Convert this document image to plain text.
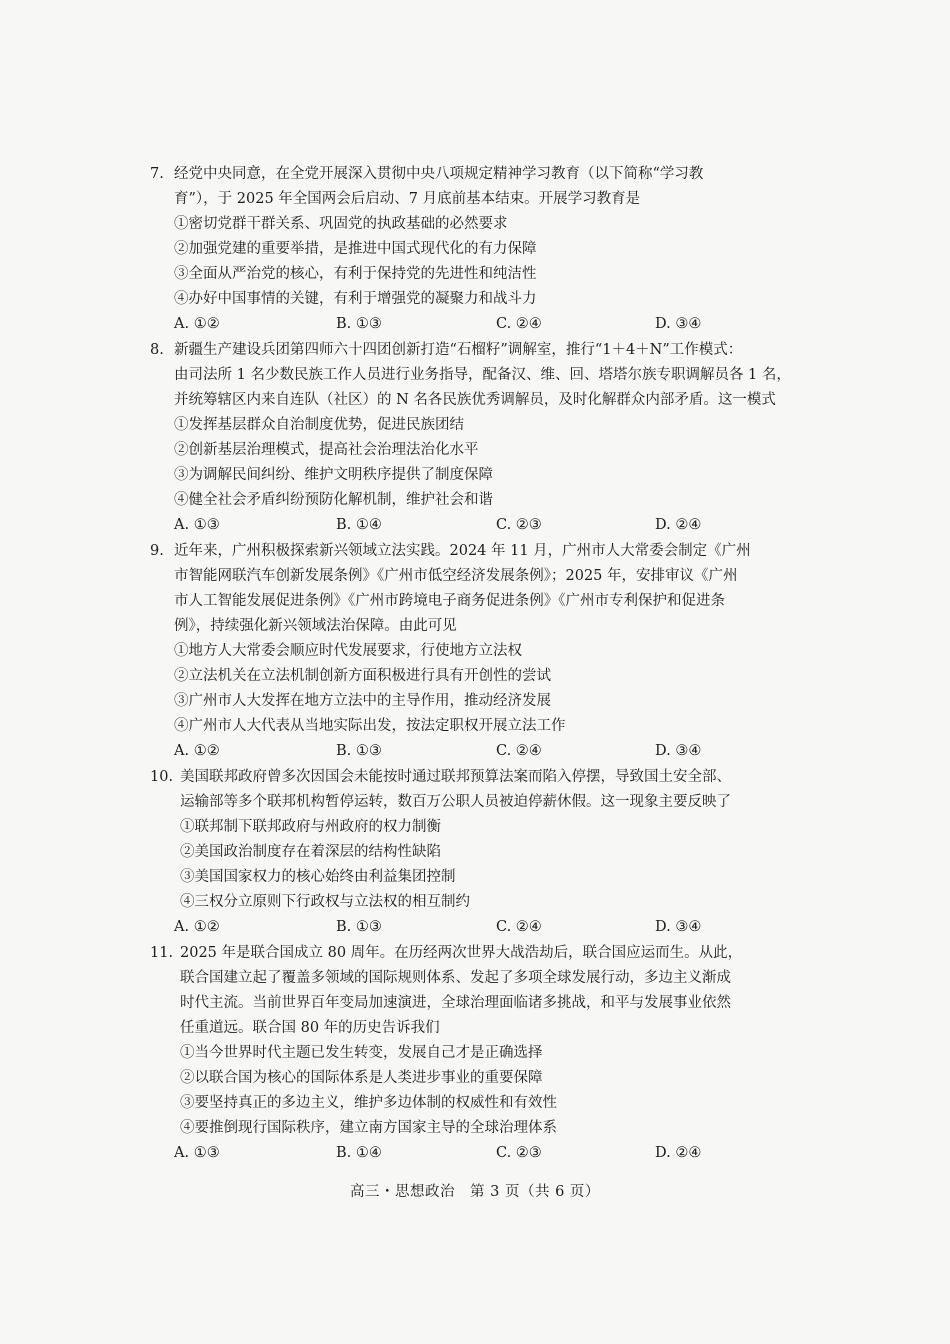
7. 经党中央同意，在全党开展深入贯彻中央八项规定精神学习教育（以下简称“学习教
育”），于 2025 年全国两会后启动、7 月底前基本结束。开展学习教育是
①密切党群干群关系、巩固党的执政基础的必然要求
②加强党建的重要举措，是推进中国式现代化的有力保障
③全面从严治党的核心，有利于保持党的先进性和纯洁性
④办好中国事情的关键，有利于增强党的凝聚力和战斗力
A. ①②	B. ①③	C. ②④	D. ③④
8. 新疆生产建设兵团第四师六十四团创新打造“石榴籽”调解室，推行“1＋4＋N”工作模式：
由司法所 1 名少数民族工作人员进行业务指导，配备汉、维、回、塔塔尔族专职调解员各 1 名，
并统筹辖区内来自连队（社区）的 N 名各民族优秀调解员，及时化解群众内部矛盾。这一模式
①发挥基层群众自治制度优势，促进民族团结
②创新基层治理模式，提高社会治理法治化水平
③为调解民间纠纷、维护文明秩序提供了制度保障
④健全社会矛盾纠纷预防化解机制，维护社会和谐
A. ①③	B. ①④	C. ②③	D. ②④
9. 近年来，广州积极探索新兴领域立法实践。2024 年 11 月，广州市人大常委会制定《广州
市智能网联汽车创新发展条例》《广州市低空经济发展条例》；2025 年，安排审议《广州
市人工智能发展促进条例》《广州市跨境电子商务促进条例》《广州市专利保护和促进条
例》，持续强化新兴领域法治保障。由此可见
①地方人大常委会顺应时代发展要求，行使地方立法权
②立法机关在立法机制创新方面积极进行具有开创性的尝试
③广州市人大发挥在地方立法中的主导作用，推动经济发展
④广州市人大代表从当地实际出发，按法定职权开展立法工作
A. ①②	B. ①③	C. ②④	D. ③④
10. 美国联邦政府曾多次因国会未能按时通过联邦预算法案而陷入停摆，导致国土安全部、
运输部等多个联邦机构暂停运转，数百万公职人员被迫停薪休假。这一现象主要反映了
①联邦制下联邦政府与州政府的权力制衡
②美国政治制度存在着深层的结构性缺陷
③美国国家权力的核心始终由利益集团控制
④三权分立原则下行政权与立法权的相互制约
A. ①②	B. ①③	C. ②④	D. ③④
11. 2025 年是联合国成立 80 周年。在历经两次世界大战浩劫后，联合国应运而生。从此，
联合国建立起了覆盖多领域的国际规则体系、发起了多项全球发展行动，多边主义渐成
时代主流。当前世界百年变局加速演进，全球治理面临诸多挑战，和平与发展事业依然
任重道远。联合国 80 年的历史告诉我们
①当今世界时代主题已发生转变，发展自己才是正确选择
②以联合国为核心的国际体系是人类进步事业的重要保障
③要坚持真正的多边主义，维护多边体制的权威性和有效性
④要推倒现行国际秩序，建立南方国家主导的全球治理体系
A. ①③	B. ①④	C. ②③	D. ②④
高三・思想政治　第 3 页（共 6 页）
